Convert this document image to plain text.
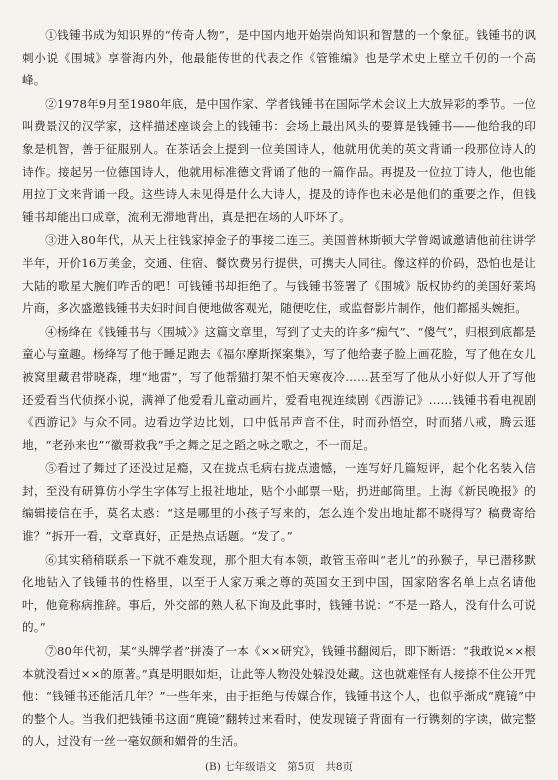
①钱锺书成为知识界的“传奇人物”，是中国内地开始崇尚知识和智慧的一个象征。钱锺书的讽刺小说《围城》享誉海内外，他最能传世的代表之作《管锥编》也是学术史上壁立千仞的一个高峰。

②1978年9月至1980年底，是中国作家、学者钱锺书在国际学术会议上大放异彩的季节。一位叫费景汉的汉学家，这样描述座谈会上的钱锺书：会场上最出风头的要算是钱锺书——他给我的印象是机智，善于征服别人。在茶话会上提到一位美国诗人，他就用优美的英文背诵一段那位诗人的诗作。接起另一位德国诗人，他就用标准德文背诵了他的一篇作品。再提及一位拉丁诗人，他也能用拉丁文来背诵一段。这些诗人未见得是什么大诗人，提及的诗作也未必是他们的重要之作，但钱锺书却能出口成章，流利无滞地背出，真是把在场的人吓坏了。

③进入80年代，从天上往钱家掉金子的事接二连三。美国普林斯顿大学曾竭诚邀请他前往讲学半年，开价16万美金，交通、住宿、餐饮费另行提供，可携夫人同往。像这样的价码，恐怕也是让大陆的歌星大腕们咋舌的吧！可钱锺书却拒绝了。与钱锺书签署了《围城》版权协约的美国好莱坞片商，多次盛邀钱锺书夫妇时间自便地做客观光，随便吃住，或监督影片制作，他们都摇头婉拒。

④杨绛在《钱锺书与〈围城〉》这篇文章里，写到了丈夫的许多“痴气”、“傻气”，归根到底都是童心与童趣。杨绛写了他于睡足跑去《福尔摩斯探案集》，写了他给妻子脸上画花脸，写了他在女儿被窝里藏君带晓森，埋“地雷”，写了他帮猫打架不怕天寒夜冷……甚至写了他从小好似人开了写他还爱看当代侦探小说，满禅了他爱看儿童动画片，爱看电视连续剧《西游记》……钱锺书看电视剧《西游记》与众不同。边看边学边比划，口中低吊声音不住，时而孙悟空，时而猪八戒，腾云逛地，“老孙来也”“徽哥救我”手之舞之足之蹈之咏之歌之，不一而足。

⑤看过了舞过了还没过足瘾，又在拢点毛病右拢点遗憾，一连写好几篇短评，起个化名装入信封，至没有研算仿小学生字体写上报社地址，贴个小邮票一贴，扔进邮筒里。上海《新民晚报》的编辑接信在手，莫名太惑：“这是哪里的小孩子写来的，怎么连个发出地址都不晓得写？稿费寄给谁？”拆开一看，文章真好，正是热点话题。“发了。”

⑥其实稍稍联系一下就不难发现，那个胆大有本领，敢管玉帝叫“老儿”的孙猴子，早已潜移默化地钻入了钱锺书的性格里，以至于人家万乘之尊的英国女王到中国，国家陪客名单上点名请他叶，他竟称病推辞。事后，外交部的熟人私下询及此事时，钱锺书说：“不是一路人，没有什么可说的。”

⑦80年代初，某“头牌学者”拼凑了一本《××研究》，钱锺书翻阅后，即下断语：“我敢说××根本就没看过××的原著。”真是明眼如炬，让此等人物没处躲没处藏。这也就难怪有人接捺不住公开咒他：“钱锺书还能活几年？”一些年来，由于拒绝与传媒合作，钱锺书这个人，也似乎渐成“麂镜”中的整个人。当我们把钱锺书这面“麂镜”翻转过来看时，使发现镜子背面有一行镌刻的字读，做完整的人，过没有一丝一毫奴颜和媚骨的生活。

(B) 七年级语文　第5页　共8页
